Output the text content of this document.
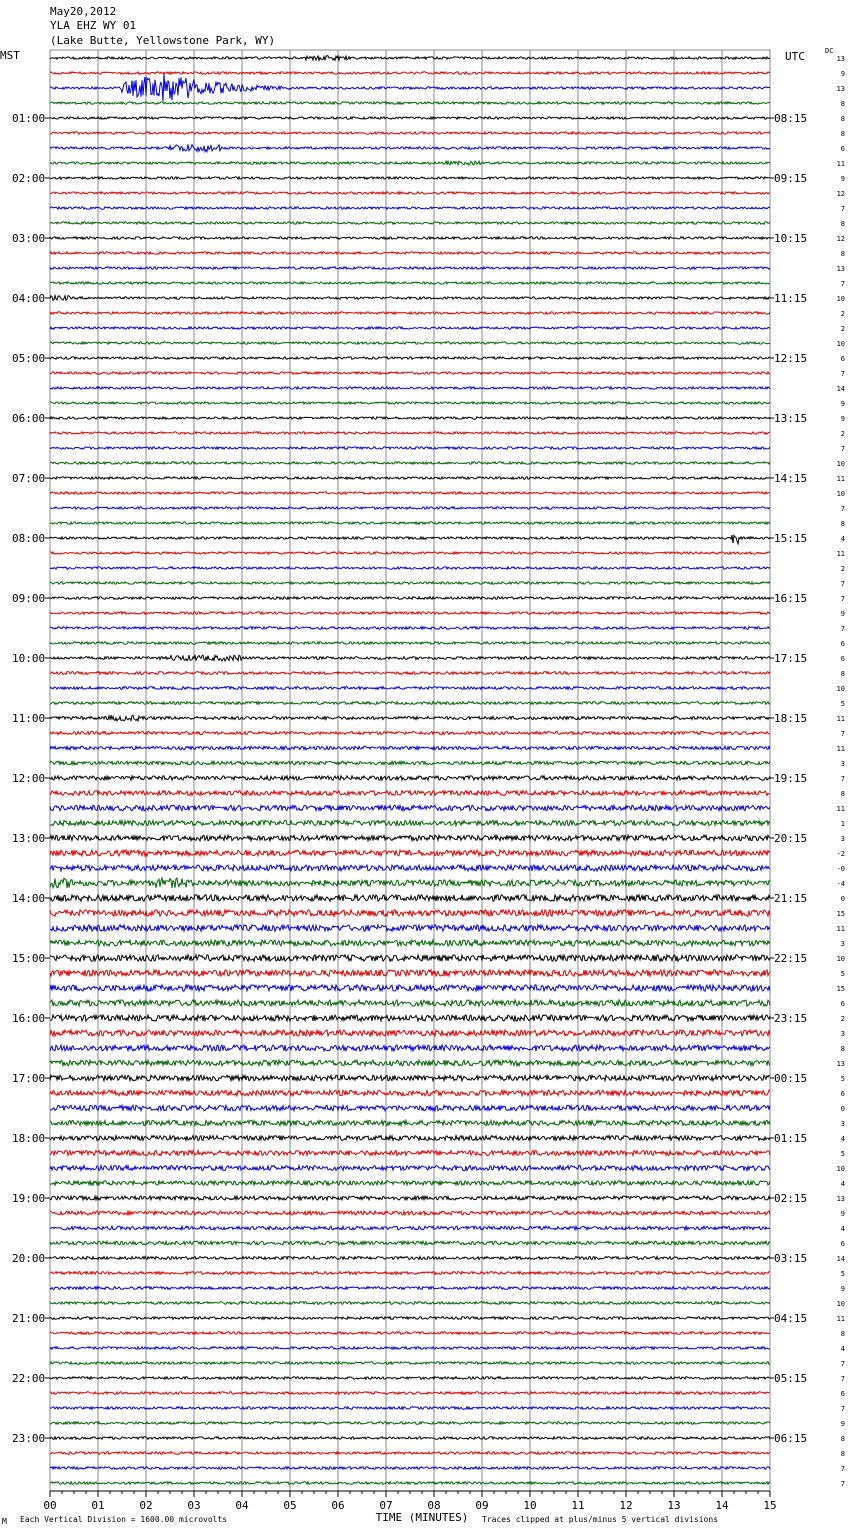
May20,2012
YLA EHZ WY 01
(Lake Butte, Yellowstone Park, WY)
MST	UTC	DC
01:00	08:15
02:00	09:15
03:00	10:15
04:00	11:15
05:00	12:15
06:00	13:15
07:00	14:15
08:00	15:15
09:00	16:15
10:00	17:15
11:00	18:15
12:00	19:15
13:00	20:15
14:00	21:15
15:00	22:15
16:00	23:15
17:00	00:15
18:00	01:15
19:00	02:15
20:00	03:15
21:00	04:15
22:00	05:15
23:00	06:15
13
9
13
8
8
8
6
11
9
12
7
8
12
8
13
7
10
2
2
10
6
7
14
9
9
2
7
10
11
10
7
8
4
11
2
7
7
9
7
6
6
8
10
5
11
7
11
3
7
8
11
1
3
-2
-0
-4
0
15
11
3
10
5
15
6
2
3
8
13
5
6
0
3
4
5
10
4
13
9
4
6
14
5
9
10
11
8
4
7
7
6
7
9
8
8
7
7
00	01	02	03	04	05	06	07	08	09	10	11	12	13	14	15
TIME (MINUTES)
M Each Vertical Division = 1600.00 microvolts	Traces clipped at plus/minus 5 vertical divisions
